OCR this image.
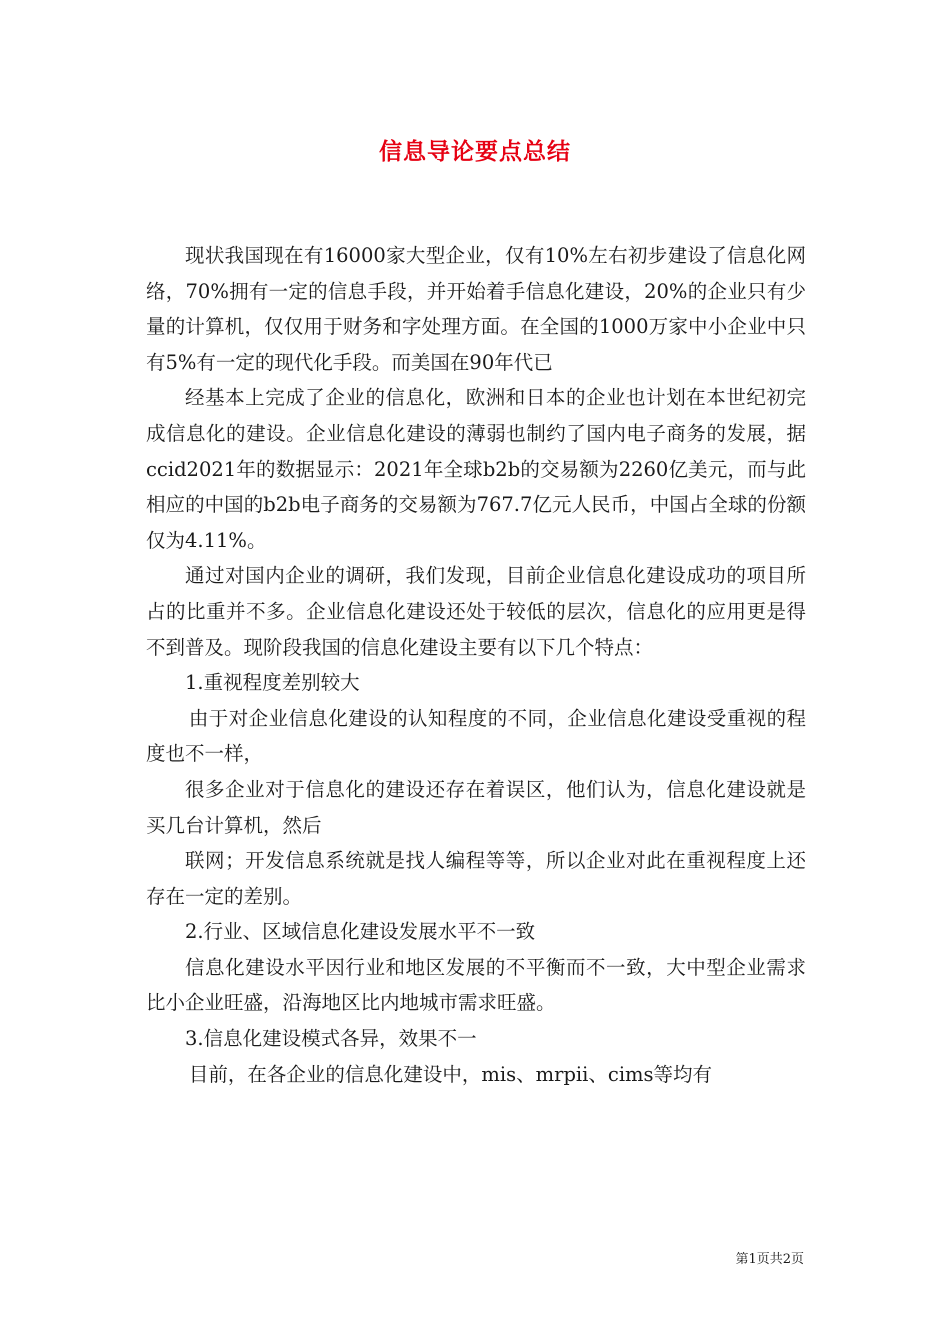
信息导论要点总结

现状我国现在有16000家大型企业，仅有10%左右初步建设了信息化网络，70%拥有一定的信息手段，并开始着手信息化建设，20%的企业只有少量的计算机，仅仅用于财务和字处理方面。在全国的1000万家中小企业中只有5%有一定的现代化手段。而美国在90年代已

经基本上完成了企业的信息化，欧洲和日本的企业也计划在本世纪初完成信息化的建设。企业信息化建设的薄弱也制约了国内电子商务的发展，据ccid2021年的数据显示：2021年全球b2b的交易额为2260亿美元，而与此相应的中国的b2b电子商务的交易额为767.7亿元人民币，中国占全球的份额仅为4.11%。

通过对国内企业的调研，我们发现，目前企业信息化建设成功的项目所占的比重并不多。企业信息化建设还处于较低的层次，信息化的应用更是得不到普及。现阶段我国的信息化建设主要有以下几个特点：

1.重视程度差别较大

由于对企业信息化建设的认知程度的不同，企业信息化建设受重视的程度也不一样，

很多企业对于信息化的建设还存在着误区，他们认为，信息化建设就是买几台计算机，然后

联网；开发信息系统就是找人编程等等，所以企业对此在重视程度上还存在一定的差别。

2.行业、区域信息化建设发展水平不一致

信息化建设水平因行业和地区发展的不平衡而不一致，大中型企业需求比小企业旺盛，沿海地区比内地城市需求旺盛。

3.信息化建设模式各异，效果不一

目前，在各企业的信息化建设中，mis、mrpii、cims等均有

第1页共2页
